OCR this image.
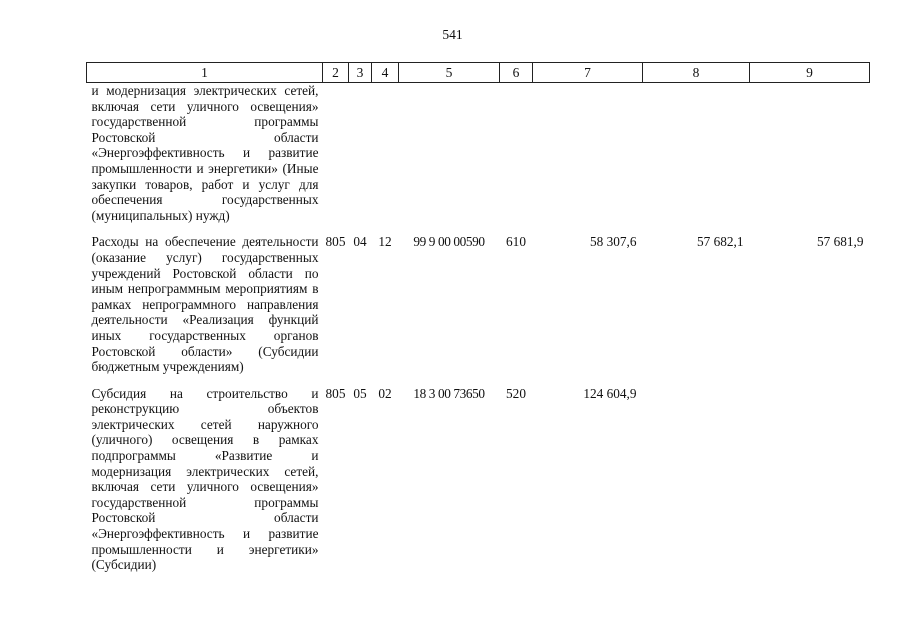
541
1	2	3	4	5	6	7	8	9
и модернизация электрических сетей, включая сети уличного освещения» государственной программы Ростовской области «Энергоэффективность и развитие промышленности и энергетики» (Иные закупки товаров, работ и услуг для обеспечения государственных (муниципальных) нужд)								

Расходы на обеспечение деятельности (оказание услуг) государственных учреждений Ростовской области по иным непрограммным мероприятиям в рамках непрограммного направления деятельности «Реализация функций иных государственных органов Ростовской области» (Субсидии бюджетным учреждениям)	805	04	12	99 9 00 00590	610	58 307,6	57 682,1	57 681,9

Субсидия на строительство и реконструкцию объектов электрических сетей наружного (уличного) освещения в рамках подпрограммы «Развитие и модернизация электрических сетей, включая сети уличного освещения» государственной программы Ростовской области «Энергоэффективность и развитие промышленности и энергетики» (Субсидии)	805	05	02	18 3 00 73650	520	124 604,9		
